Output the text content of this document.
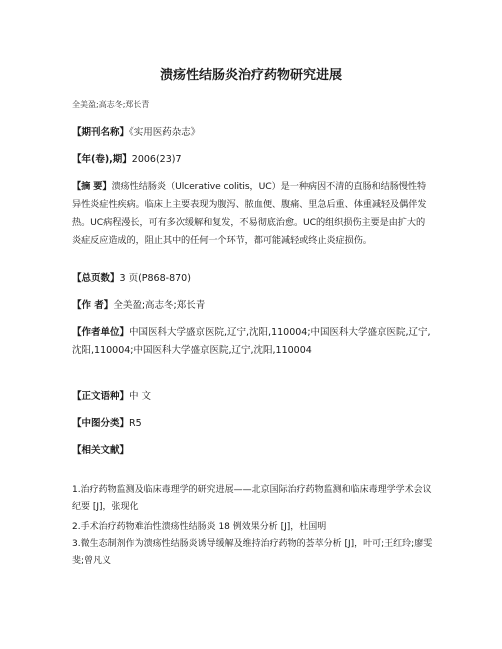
溃疡性结肠炎治疗药物研究进展
全美盈;高志冬;郑长青
【期刊名称】《实用医药杂志》
【年(卷),期】2006(23)7
【摘 要】溃疡性结肠炎（Ulcerative colitis，UC）是一种病因不清的直肠和结肠慢性特异性炎症性疾病。临床上主要表现为腹泻、脓血便、腹痛、里急后重、体重减轻及偶伴发热。UC病程漫长，可有多次缓解和复发，不易彻底治愈。UC的组织损伤主要是由扩大的炎症反应造成的，阻止其中的任何一个环节，都可能减轻或终止炎症损伤。
【总页数】3 页(P868-870)
【作 者】全美盈;高志冬;郑长青
【作者单位】中国医科大学盛京医院,辽宁,沈阳,110004;中国医科大学盛京医院,辽宁,沈阳,110004;中国医科大学盛京医院,辽宁,沈阳,110004
【正文语种】中 文
【中图分类】R5
【相关文献】
1.治疗药物监测及临床毒理学的研究进展——北京国际治疗药物监测和临床毒理学学术会议纪要 [J]，张现化
2.手术治疗药物难治性溃疡性结肠炎 18 例效果分析 [J]，杜国明
3.微生态制剂作为溃疡性结肠炎诱导缓解及维持治疗药物的荟萃分析 [J]，叶可;王红玲;廖雯斐;曾凡义
